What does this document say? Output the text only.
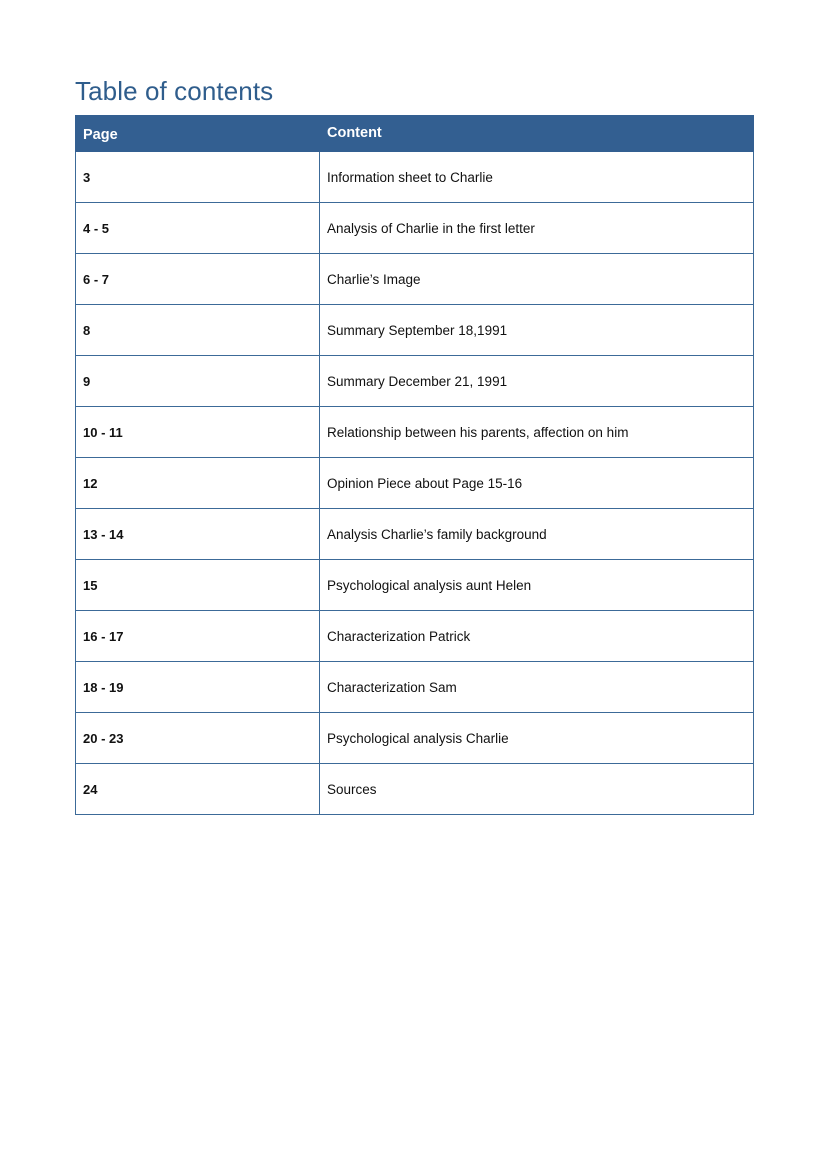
Table of contents
Page	Content
3	Information sheet to Charlie
4 - 5	Analysis of Charlie in the first letter
6 - 7	Charlie’s Image
8	Summary September 18,1991
9	Summary December 21, 1991
10 - 11	Relationship between his parents, affection on him
12	Opinion Piece about Page 15-16
13 - 14	Analysis Charlie’s family background
15	Psychological analysis aunt Helen
16 - 17	Characterization Patrick
18 - 19	Characterization Sam
20 - 23	Psychological analysis Charlie
24	Sources
